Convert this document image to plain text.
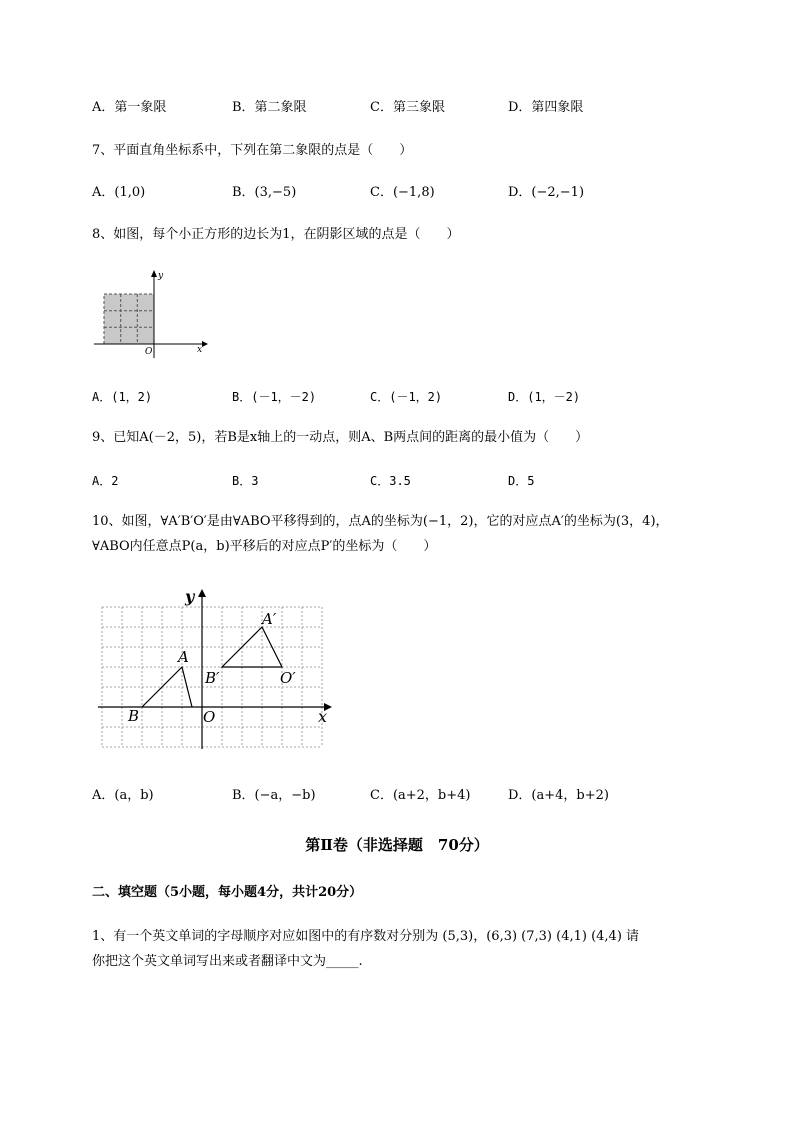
A．第一象限	B．第二象限	C．第三象限	D．第四象限
7、平面直角坐标系中，下列在第二象限的点是（　　）
A．(1,0)	B．(3,−5)	C．(−1,8)	D．(−2,−1)
8、如图，每个小正方形的边长为1，在阴影区域的点是（　　）
x
y
O
A．(1，2)	B．(－1，－2)	C．(－1，2)	D．(1，－2)
9、已知A(－2，5)，若B是x轴上的一动点，则A、B两点间的距离的最小值为（　　）
A．2	B．3	C．3.5	D．5
10、如图，∀A′B′O′是由∀ABO平移得到的，点A的坐标为(−1，2)，它的对应点A′的坐标为(3，4)，
∀ABO内任意点P(a，b)平移后的对应点P′的坐标为（　　）
y
x
O
A
B
A′
B′	O′
A．(a，b)	B．(−a，−b)	C．(a+2，b+4)	D．(a+4，b+2)
第Ⅱ卷（非选择题　70分）
二、填空题（5小题，每小题4分，共计20分）
1、有一个英文单词的字母顺序对应如图中的有序数对分别为 (5,3)，(6,3) (7,3) (4,1) (4,4) 请
你把这个英文单词写出来或者翻译中文为_____.
